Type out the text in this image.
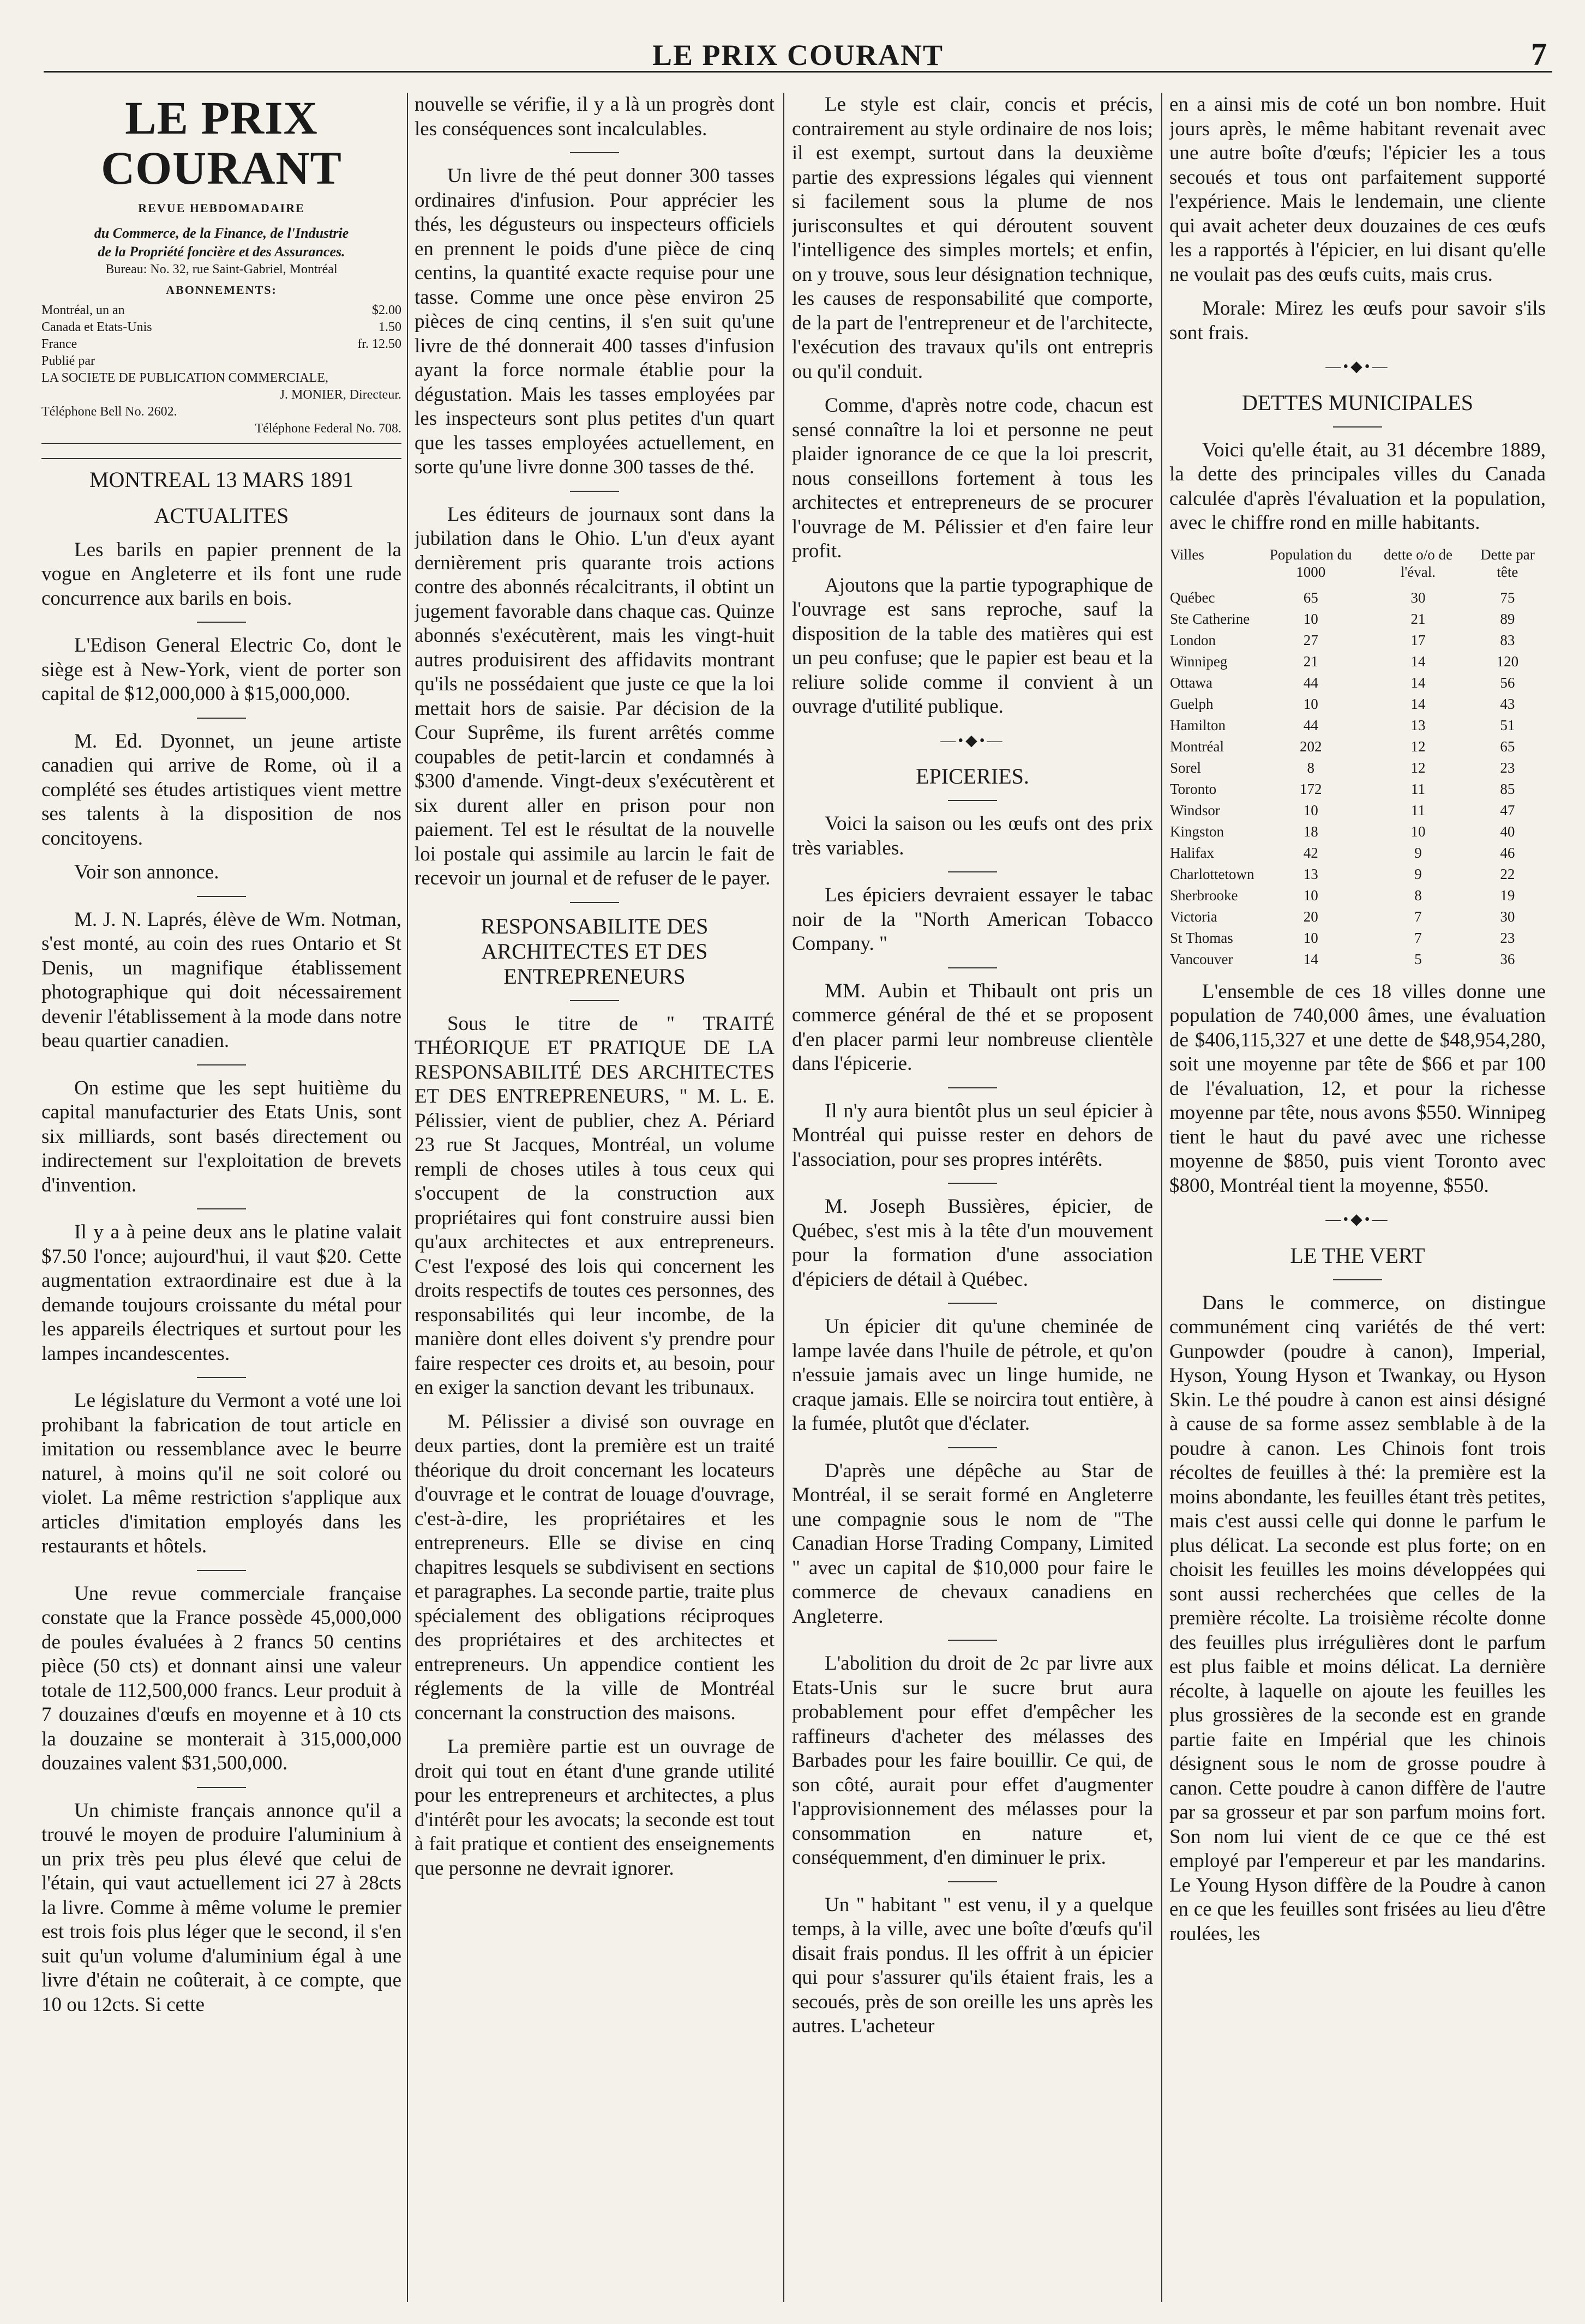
LE PRIX COURANT	7
LE PRIX COURANT
REVUE HEBDOMADAIRE
du Commerce, de la Finance, de l'Industrie
de la Propriété foncière et des Assurances.
Bureau: No. 32, rue Saint-Gabriel, Montréal
ABONNEMENTS:
Montréal, un an	$2.00
Canada et Etats-Unis	1.50
France	fr. 12.50
Publié par
LA SOCIETE DE PUBLICATION COMMERCIALE,
J. MONIER, Directeur.
Téléphone Bell No. 2602.
Téléphone Federal No. 708.
MONTREAL 13 MARS 1891
ACTUALITES

Les barils en papier prennent de la vogue en Angleterre et ils font une rude concurrence aux barils en bois.

L'Edison General Electric Co, dont le siège est à New-York, vient de porter son capital de $12,000,000 à $15,000,000.

M. Ed. Dyonnet, un jeune artiste canadien qui arrive de Rome, où il a complété ses études artistiques vient mettre ses talents à la disposition de nos concitoyens.

Voir son annonce.

M. J. N. Laprés, élève de Wm. Notman, s'est monté, au coin des rues Ontario et St Denis, un magnifique établissement photographique qui doit nécessairement devenir l'établissement à la mode dans notre beau quartier canadien.

On estime que les sept huitième du capital manufacturier des Etats Unis, sont six milliards, sont basés directement ou indirectement sur l'exploitation de brevets d'invention.

Il y a à peine deux ans le platine valait $7.50 l'once; aujourd'hui, il vaut $20. Cette augmentation extraordinaire est due à la demande toujours croissante du métal pour les appareils électriques et surtout pour les lampes incandescentes.

Le législature du Vermont a voté une loi prohibant la fabrication de tout article en imitation ou ressemblance avec le beurre naturel, à moins qu'il ne soit coloré ou violet. La même restriction s'applique aux articles d'imitation employés dans les restaurants et hôtels.

Une revue commerciale française constate que la France possède 45,000,000 de poules évaluées à 2 francs 50 centins pièce (50 cts) et donnant ainsi une valeur totale de 112,500,000 francs. Leur produit à 7 douzaines d'œufs en moyenne et à 10 cts la douzaine se monterait à 315,000,000 douzaines valent $31,500,000.

Un chimiste français annonce qu'il a trouvé le moyen de produire l'aluminium à un prix très peu plus élevé que celui de l'étain, qui vaut actuellement ici 27 à 28cts la livre. Comme à même volume le premier est trois fois plus léger que le second, il s'en suit qu'un volume d'aluminium égal à une livre d'étain ne coûterait, à ce compte, que 10 ou 12cts. Si cette

nouvelle se vérifie, il y a là un progrès dont les conséquences sont incalculables.

Un livre de thé peut donner 300 tasses ordinaires d'infusion. Pour apprécier les thés, les dégusteurs ou inspecteurs officiels en prennent le poids d'une pièce de cinq centins, la quantité exacte requise pour une tasse. Comme une once pèse environ 25 pièces de cinq centins, il s'en suit qu'une livre de thé donnerait 400 tasses d'infusion ayant la force normale établie pour la dégustation. Mais les tasses employées par les inspecteurs sont plus petites d'un quart que les tasses employées actuellement, en sorte qu'une livre donne 300 tasses de thé.

Les éditeurs de journaux sont dans la jubilation dans le Ohio. L'un d'eux ayant dernièrement pris quarante trois actions contre des abonnés récalcitrants, il obtint un jugement favorable dans chaque cas. Quinze abonnés s'exécutèrent, mais les vingt-huit autres produisirent des affidavits montrant qu'ils ne possédaient que juste ce que la loi mettait hors de saisie. Par décision de la Cour Suprême, ils furent arrêtés comme coupables de petit-larcin et condamnés à $300 d'amende. Vingt-deux s'exécutèrent et six durent aller en prison pour non paiement. Tel est le résultat de la nouvelle loi postale qui assimile au larcin le fait de recevoir un journal et de refuser de le payer.

RESPONSABILITE DES ARCHITECTES ET DES ENTREPRENEURS

Sous le titre de " TRAITÉ THÉORIQUE ET PRATIQUE DE LA RESPONSABILITÉ DES ARCHITECTES ET DES ENTREPRENEURS, " M. L. E. Pélissier, vient de publier, chez A. Périard 23 rue St Jacques, Montréal, un volume rempli de choses utiles à tous ceux qui s'occupent de la construction aux propriétaires qui font construire aussi bien qu'aux architectes et aux entrepreneurs. C'est l'exposé des lois qui concernent les droits respectifs de toutes ces personnes, des responsabilités qui leur incombe, de la manière dont elles doivent s'y prendre pour faire respecter ces droits et, au besoin, pour en exiger la sanction devant les tribunaux.

M. Pélissier a divisé son ouvrage en deux parties, dont la première est un traité théorique du droit concernant les locateurs d'ouvrage et le contrat de louage d'ouvrage, c'est-à-dire, les propriétaires et les entrepreneurs. Elle se divise en cinq chapitres lesquels se subdivisent en sections et paragraphes. La seconde partie, traite plus spécialement des obligations réciproques des propriétaires et des architectes et entrepreneurs. Un appendice contient les réglements de la ville de Montréal concernant la construction des maisons.

La première partie est un ouvrage de droit qui tout en étant d'une grande utilité pour les entrepreneurs et architectes, a plus d'intérêt pour les avocats; la seconde est tout à fait pratique et contient des enseignements que personne ne devrait ignorer.

Le style est clair, concis et précis, contrairement au style ordinaire de nos lois; il est exempt, surtout dans la deuxième partie des expressions légales qui viennent si facilement sous la plume de nos jurisconsultes et qui déroutent souvent l'intelligence des simples mortels; et enfin, on y trouve, sous leur désignation technique, les causes de responsabilité que comporte, de la part de l'entrepreneur et de l'architecte, l'exécution des travaux qu'ils ont entrepris ou qu'il conduit.

Comme, d'après notre code, chacun est sensé connaître la loi et personne ne peut plaider ignorance de ce que la loi prescrit, nous conseillons fortement à tous les architectes et entrepreneurs de se procurer l'ouvrage de M. Pélissier et d'en faire leur profit.

Ajoutons que la partie typographique de l'ouvrage est sans reproche, sauf la disposition de la table des matières qui est un peu confuse; que le papier est beau et la reliure solide comme il convient à un ouvrage d'utilité publique.

—•◆•—
EPICERIES.

Voici la saison ou les œufs ont des prix très variables.

Les épiciers devraient essayer le tabac noir de la "North American Tobacco Company. "

MM. Aubin et Thibault ont pris un commerce général de thé et se proposent d'en placer parmi leur nombreuse clientèle dans l'épicerie.

Il n'y aura bientôt plus un seul épicier à Montréal qui puisse rester en dehors de l'association, pour ses propres intérêts.

M. Joseph Bussières, épicier, de Québec, s'est mis à la tête d'un mouvement pour la formation d'une association d'épiciers de détail à Québec.

Un épicier dit qu'une cheminée de lampe lavée dans l'huile de pétrole, et qu'on n'essuie jamais avec un linge humide, ne craque jamais. Elle se noircira tout entière, à la fumée, plutôt que d'éclater.

D'après une dépêche au Star de Montréal, il se serait formé en Angleterre une compagnie sous le nom de "The Canadian Horse Trading Company, Limited " avec un capital de $10,000 pour faire le commerce de chevaux canadiens en Angleterre.

L'abolition du droit de 2c par livre aux Etats-Unis sur le sucre brut aura probablement pour effet d'empêcher les raffineurs d'acheter des mélasses des Barbades pour les faire bouillir. Ce qui, de son côté, aurait pour effet d'augmenter l'approvisionnement des mélasses pour la consommation en nature et, conséquemment, d'en diminuer le prix.

Un " habitant " est venu, il y a quelque temps, à la ville, avec une boîte d'œufs qu'il disait frais pondus. Il les offrit à un épicier qui pour s'assurer qu'ils étaient frais, les a secoués, près de son oreille les uns après les autres. L'acheteur

en a ainsi mis de coté un bon nombre. Huit jours après, le même habitant revenait avec une autre boîte d'œufs; l'épicier les a tous secoués et tous ont parfaitement supporté l'expérience. Mais le lendemain, une cliente qui avait acheter deux douzaines de ces œufs les a rapportés à l'épicier, en lui disant qu'elle ne voulait pas des œufs cuits, mais crus.

Morale: Mirez les œufs pour savoir s'ils sont frais.

—•◆•—
DETTES MUNICIPALES

Voici qu'elle était, au 31 décembre 1889, la dette des principales villes du Canada calculée d'après l'évaluation et la population, avec le chiffre rond en mille habitants.

Villes	Population du 1000	dette o/o de l'éval.	Dette par tête
Québec	65	30	75
Ste Catherine	10	21	89
London	27	17	83
Winnipeg	21	14	120
Ottawa	44	14	56
Guelph	10	14	43
Hamilton	44	13	51
Montréal	202	12	65
Sorel	8	12	23
Toronto	172	11	85
Windsor	10	11	47
Kingston	18	10	40
Halifax	42	9	46
Charlottetown	13	9	22
Sherbrooke	10	8	19
Victoria	20	7	30
St Thomas	10	7	23
Vancouver	14	5	36

L'ensemble de ces 18 villes donne une population de 740,000 âmes, une évaluation de $406,115,327 et une dette de $48,954,280, soit une moyenne par tête de $66 et par 100 de l'évaluation, 12, et pour la richesse moyenne par tête, nous avons $550. Winnipeg tient le haut du pavé avec une richesse moyenne de $850, puis vient Toronto avec $800, Montréal tient la moyenne, $550.

—•◆•—
LE THE VERT

Dans le commerce, on distingue communément cinq variétés de thé vert: Gunpowder (poudre à canon), Imperial, Hyson, Young Hyson et Twankay, ou Hyson Skin. Le thé poudre à canon est ainsi désigné à cause de sa forme assez semblable à de la poudre à canon. Les Chinois font trois récoltes de feuilles à thé: la première est la moins abondante, les feuilles étant très petites, mais c'est aussi celle qui donne le parfum le plus délicat. La seconde est plus forte; on en choisit les feuilles les moins développées qui sont aussi recherchées que celles de la première récolte. La troisième récolte donne des feuilles plus irrégulières dont le parfum est plus faible et moins délicat. La dernière récolte, à laquelle on ajoute les feuilles les plus grossières de la seconde est en grande partie faite en Impérial que les chinois désignent sous le nom de grosse poudre à canon. Cette poudre à canon diffère de l'autre par sa grosseur et par son parfum moins fort. Son nom lui vient de ce que ce thé est employé par l'empereur et par les mandarins. Le Young Hyson diffère de la Poudre à canon en ce que les feuilles sont frisées au lieu d'être roulées, les
